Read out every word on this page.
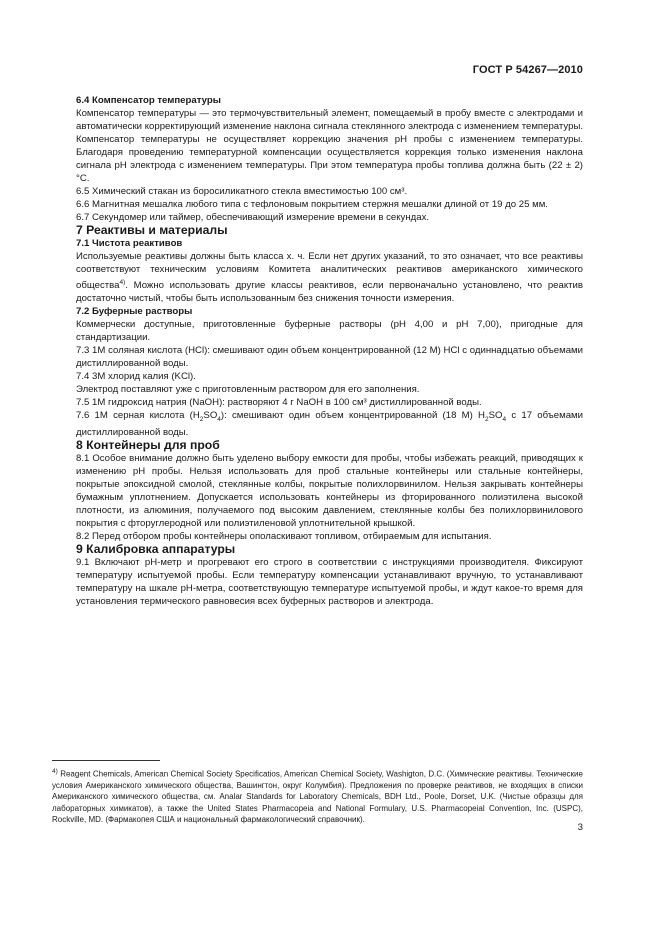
ГОСТ Р 54267—2010

6.4 Компенсатор температуры

Компенсатор температуры — это термочувствительный элемент, помещаемый в пробу вместе с электродами и автоматически корректирующий изменение наклона сигнала стеклянного электрода с изменением температуры. Компенсатор температуры не осуществляет коррекцию значения pH пробы с изменением температуры. Благодаря проведению температурной компенсации осуществляется коррекция только изменения наклона сигнала pH электрода с изменением температуры. При этом температура пробы топлива должна быть (22 ± 2) °С.

6.5 Химический стакан из боросиликатного стекла вместимостью 100 см³.

6.6 Магнитная мешалка любого типа с тефлоновым покрытием стержня мешалки длиной от 19 до 25 мм.

6.7 Секундомер или таймер, обеспечивающий измерение времени в секундах.

7 Реактивы и материалы

7.1 Чистота реактивов

Используемые реактивы должны быть класса х. ч. Если нет других указаний, то это означает, что все реактивы соответствуют техническим условиям Комитета аналитических реактивов американского химического общества$^{4)}$. Можно использовать другие классы реактивов, если первоначально установлено, что реактив достаточно чистый, чтобы быть использованным без снижения точности измерения.

7.2 Буферные растворы

Коммерчески доступные, приготовленные буферные растворы (pH 4,00 и pH 7,00), пригодные для стандартизации.

7.3 1М соляная кислота (HCl): смешивают один объем концентрированной (12 М) HCl с одиннадцатью объемами дистиллированной воды.

7.4 3М хлорид калия (KCl).

Электрод поставляют уже с приготовленным раствором для его заполнения.

7.5 1М гидроксид натрия (NaOH): растворяют 4 г NaOH в 100 см³ дистиллированной воды.

7.6 1М серная кислота $(H_2SO_4)$: смешивают один объем концентрированной (18 М) $H_2SO_4$ с 17 объемами дистиллированной воды.

8 Контейнеры для проб

8.1 Особое внимание должно быть уделено выбору емкости для пробы, чтобы избежать реакций, приводящих к изменению pH пробы. Нельзя использовать для проб стальные контейнеры или стальные контейнеры, покрытые эпоксидной смолой, стеклянные колбы, покрытые полихлорвинилом. Нельзя закрывать контейнеры бумажным уплотнением. Допускается использовать контейнеры из фторированного полиэтилена высокой плотности, из алюминия, получаемого под высоким давлением, стеклянные колбы без полихлорвинилового покрытия с фторуглеродной или полиэтиленовой уплотнительной крышкой.

8.2 Перед отбором пробы контейнеры ополаскивают топливом, отбираемым для испытания.

9 Калибровка аппаратуры

9.1 Включают pH-метр и прогревают его строго в соответствии с инструкциями производителя. Фиксируют температуру испытуемой пробы. Если температуру компенсации устанавливают вручную, то устанавливают температуру на шкале pH-метра, соответствующую температуре испытуемой пробы, и ждут какое-то время для установления термического равновесия всех буферных растворов и электрода.

$^{4)}$ Reagent Chemicals, American Chemical Society Specificatios, American Chemical Society, Washigton, D.C. (Химические реактивы. Технические условия Американского химического общества, Вашингтон, округ Колумбия). Предложения по проверке реактивов, не входящих в списки Американского химического общества, см. Analar Standards for Laboratory Chemicals, BDH Ltd., Poole, Dorset, U.K. (Чистые образцы для лабораторных химикатов), а также the United States Pharmacopeia and National Formulary, U.S. Pharmacopeial Convention, Inc. (USPC), Rockville, MD. (Фармакопея США и национальный фармакологический справочник).
3
